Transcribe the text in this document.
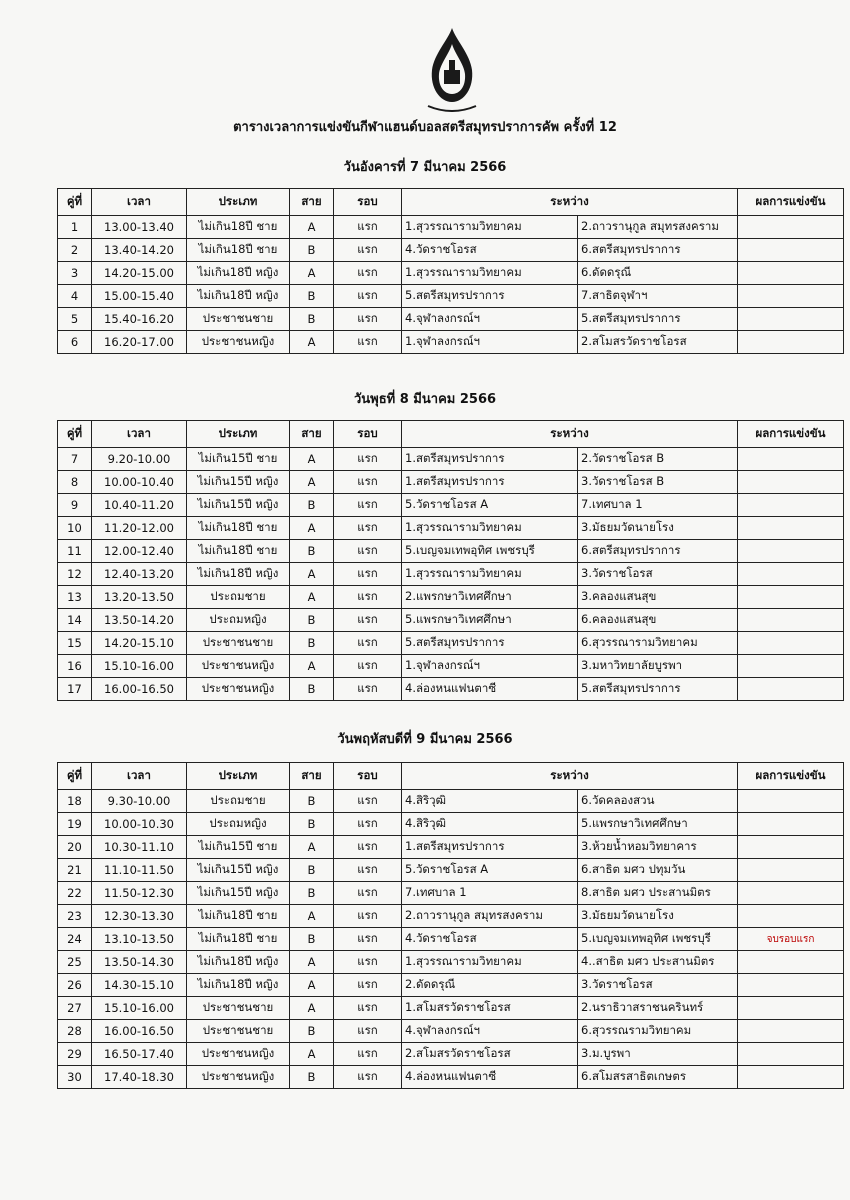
ตารางเวลาการแข่งขันกีฬาแฮนด์บอลสตรีสมุทรปราการคัพ ครั้งที่ 12
วันอังคารที่ 7 มีนาคม 2566
คู่ที่	เวลา	ประเภท	สาย	รอบ	ระหว่าง		ผลการแข่งขัน
1	13.00-13.40	ไม่เกิน18ปี ชาย	A	แรก	1.สุวรรณารามวิทยาคม	2.ถาวรานุกูล สมุทรสงคราม	
2	13.40-14.20	ไม่เกิน18ปี ชาย	B	แรก	4.วัดราชโอรส	6.สตรีสมุทรปราการ	
3	14.20-15.00	ไม่เกิน18ปี หญิง	A	แรก	1.สุวรรณารามวิทยาคม	6.ดัดดรุณี	
4	15.00-15.40	ไม่เกิน18ปี หญิง	B	แรก	5.สตรีสมุทรปราการ	7.สาธิตจุฬาฯ	
5	15.40-16.20	ประชาชนชาย	B	แรก	4.จุฬาลงกรณ์ฯ	5.สตรีสมุทรปราการ	
6	16.20-17.00	ประชาชนหญิง	A	แรก	1.จุฬาลงกรณ์ฯ	2.สโมสรวัดราชโอรส	
วันพุธที่ 8 มีนาคม 2566
คู่ที่	เวลา	ประเภท	สาย	รอบ	ระหว่าง		ผลการแข่งขัน
7	9.20-10.00	ไม่เกิน15ปี ชาย	A	แรก	1.สตรีสมุทรปราการ	2.วัดราชโอรส B	
8	10.00-10.40	ไม่เกิน15ปี หญิง	A	แรก	1.สตรีสมุทรปราการ	3.วัดราชโอรส B	
9	10.40-11.20	ไม่เกิน15ปี หญิง	B	แรก	5.วัดราชโอรส A	7.เทศบาล 1	
10	11.20-12.00	ไม่เกิน18ปี ชาย	A	แรก	1.สุวรรณารามวิทยาคม	3.มัธยมวัดนายโรง	
11	12.00-12.40	ไม่เกิน18ปี ชาย	B	แรก	5.เบญจมเทพอุทิศ เพชรบุรี	6.สตรีสมุทรปราการ	
12	12.40-13.20	ไม่เกิน18ปี หญิง	A	แรก	1.สุวรรณารามวิทยาคม	3.วัดราชโอรส	
13	13.20-13.50	ประถมชาย	A	แรก	2.แพรกษาวิเทศศึกษา	3.คลองแสนสุข	
14	13.50-14.20	ประถมหญิง	B	แรก	5.แพรกษาวิเทศศึกษา	6.คลองแสนสุข	
15	14.20-15.10	ประชาชนชาย	B	แรก	5.สตรีสมุทรปราการ	6.สุวรรณารามวิทยาคม	
16	15.10-16.00	ประชาชนหญิง	A	แรก	1.จุฬาลงกรณ์ฯ	3.มหาวิทยาลัยบูรพา	
17	16.00-16.50	ประชาชนหญิง	B	แรก	4.ล่องหนแฟนตาซี	5.สตรีสมุทรปราการ	
วันพฤหัสบดีที่ 9 มีนาคม 2566
คู่ที่	เวลา	ประเภท	สาย	รอบ	ระหว่าง		ผลการแข่งขัน
18	9.30-10.00	ประถมชาย	B	แรก	4.สิริวุฒิ	6.วัดคลองสวน	
19	10.00-10.30	ประถมหญิง	B	แรก	4.สิริวุฒิ	5.แพรกษาวิเทศศึกษา	
20	10.30-11.10	ไม่เกิน15ปี ชาย	A	แรก	1.สตรีสมุทรปราการ	3.ห้วยน้ำหอมวิทยาคาร	
21	11.10-11.50	ไม่เกิน15ปี หญิง	B	แรก	5.วัดราชโอรส A	6.สาธิต มศว ปทุมวัน	
22	11.50-12.30	ไม่เกิน15ปี หญิง	B	แรก	7.เทศบาล 1	8.สาธิต มศว ประสานมิตร	
23	12.30-13.30	ไม่เกิน18ปี ชาย	A	แรก	2.ถาวรานุกูล สมุทรสงคราม	3.มัธยมวัดนายโรง	
24	13.10-13.50	ไม่เกิน18ปี ชาย	B	แรก	4.วัดราชโอรส	5.เบญจมเทพอุทิศ เพชรบุรี	จบรอบแรก
25	13.50-14.30	ไม่เกิน18ปี หญิง	A	แรก	1.สุวรรณารามวิทยาคม	4..สาธิต มศว ประสานมิตร	
26	14.30-15.10	ไม่เกิน18ปี หญิง	A	แรก	2.ดัดดรุณี	3.วัดราชโอรส	
27	15.10-16.00	ประชาชนชาย	A	แรก	1.สโมสรวัดราชโอรส	2.นราธิวาสราชนครินทร์	
28	16.00-16.50	ประชาชนชาย	B	แรก	4.จุฬาลงกรณ์ฯ	6.สุวรรณรามวิทยาคม	
29	16.50-17.40	ประชาชนหญิง	A	แรก	2.สโมสรวัดราชโอรส	3.ม.บูรพา	
30	17.40-18.30	ประชาชนหญิง	B	แรก	4.ล่องหนแฟนตาซี	6.สโมสรสาธิตเกษตร	
